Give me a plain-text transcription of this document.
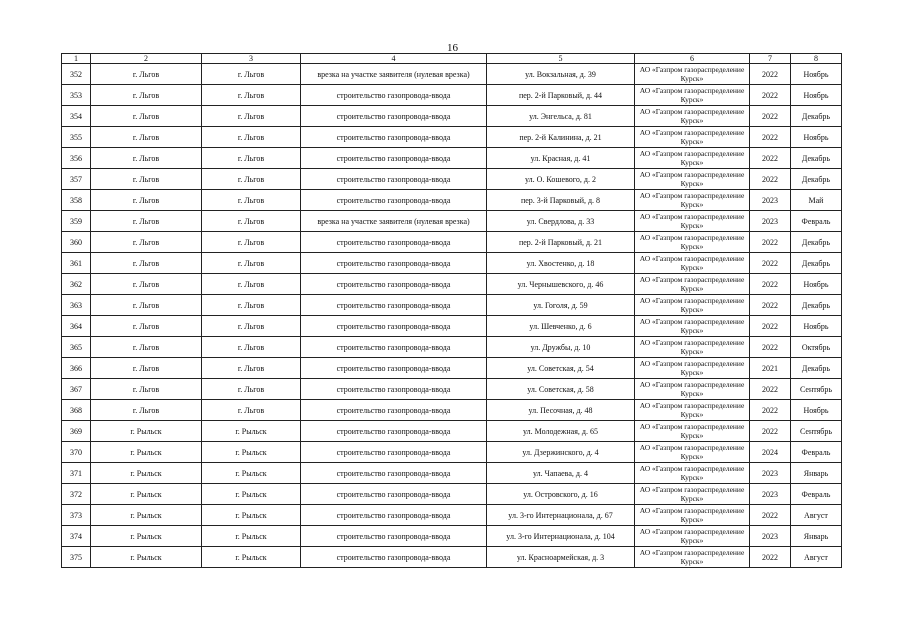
16
1	2	3	4	5	6	7	8
352	г. Льгов	г. Льгов	врезка на участке заявителя (нулевая врезка)	ул. Вокзальная, д. 39	АО «Газпром газораспределение Курск»	2022	Ноябрь
353	г. Льгов	г. Льгов	строительство газопровода-ввода	пер. 2-й Парковый, д. 44	АО «Газпром газораспределение Курск»	2022	Ноябрь
354	г. Льгов	г. Льгов	строительство газопровода-ввода	ул. Энгельса, д. 81	АО «Газпром газораспределение Курск»	2022	Декабрь
355	г. Льгов	г. Льгов	строительство газопровода-ввода	пер. 2-й Калинина, д. 21	АО «Газпром газораспределение Курск»	2022	Ноябрь
356	г. Льгов	г. Льгов	строительство газопровода-ввода	ул. Красная, д. 41	АО «Газпром газораспределение Курск»	2022	Декабрь
357	г. Льгов	г. Льгов	строительство газопровода-ввода	ул. О. Кошевого, д. 2	АО «Газпром газораспределение Курск»	2022	Декабрь
358	г. Льгов	г. Льгов	строительство газопровода-ввода	пер. 3-й Парковый, д. 8	АО «Газпром газораспределение Курск»	2023	Май
359	г. Льгов	г. Льгов	врезка на участке заявителя (нулевая врезка)	ул. Свердлова, д. 33	АО «Газпром газораспределение Курск»	2023	Февраль
360	г. Льгов	г. Льгов	строительство газопровода-ввода	пер. 2-й Парковый, д. 21	АО «Газпром газораспределение Курск»	2022	Декабрь
361	г. Льгов	г. Льгов	строительство газопровода-ввода	ул. Хвостенко, д. 18	АО «Газпром газораспределение Курск»	2022	Декабрь
362	г. Льгов	г. Льгов	строительство газопровода-ввода	ул. Чернышевского, д. 46	АО «Газпром газораспределение Курск»	2022	Ноябрь
363	г. Льгов	г. Льгов	строительство газопровода-ввода	ул. Гоголя, д. 59	АО «Газпром газораспределение Курск»	2022	Декабрь
364	г. Льгов	г. Льгов	строительство газопровода-ввода	ул. Шевченко, д. 6	АО «Газпром газораспределение Курск»	2022	Ноябрь
365	г. Льгов	г. Льгов	строительство газопровода-ввода	ул. Дружбы, д. 10	АО «Газпром газораспределение Курск»	2022	Октябрь
366	г. Льгов	г. Льгов	строительство газопровода-ввода	ул. Советская, д. 54	АО «Газпром газораспределение Курск»	2021	Декабрь
367	г. Льгов	г. Льгов	строительство газопровода-ввода	ул. Советская, д. 58	АО «Газпром газораспределение Курск»	2022	Сентябрь
368	г. Льгов	г. Льгов	строительство газопровода-ввода	ул. Песочная, д. 48	АО «Газпром газораспределение Курск»	2022	Ноябрь
369	г. Рыльск	г. Рыльск	строительство газопровода-ввода	ул. Молодежная, д. 65	АО «Газпром газораспределение Курск»	2022	Сентябрь
370	г. Рыльск	г. Рыльск	строительство газопровода-ввода	ул. Дзержинского, д. 4	АО «Газпром газораспределение Курск»	2024	Февраль
371	г. Рыльск	г. Рыльск	строительство газопровода-ввода	ул. Чапаева, д. 4	АО «Газпром газораспределение Курск»	2023	Январь
372	г. Рыльск	г. Рыльск	строительство газопровода-ввода	ул. Островского, д. 16	АО «Газпром газораспределение Курск»	2023	Февраль
373	г. Рыльск	г. Рыльск	строительство газопровода-ввода	ул. 3-го Интернационала, д. 67	АО «Газпром газораспределение Курск»	2022	Август
374	г. Рыльск	г. Рыльск	строительство газопровода-ввода	ул. 3-го Интернационала, д. 104	АО «Газпром газораспределение Курск»	2023	Январь
375	г. Рыльск	г. Рыльск	строительство газопровода-ввода	ул. Красноармейская, д. 3	АО «Газпром газораспределение Курск»	2022	Август
